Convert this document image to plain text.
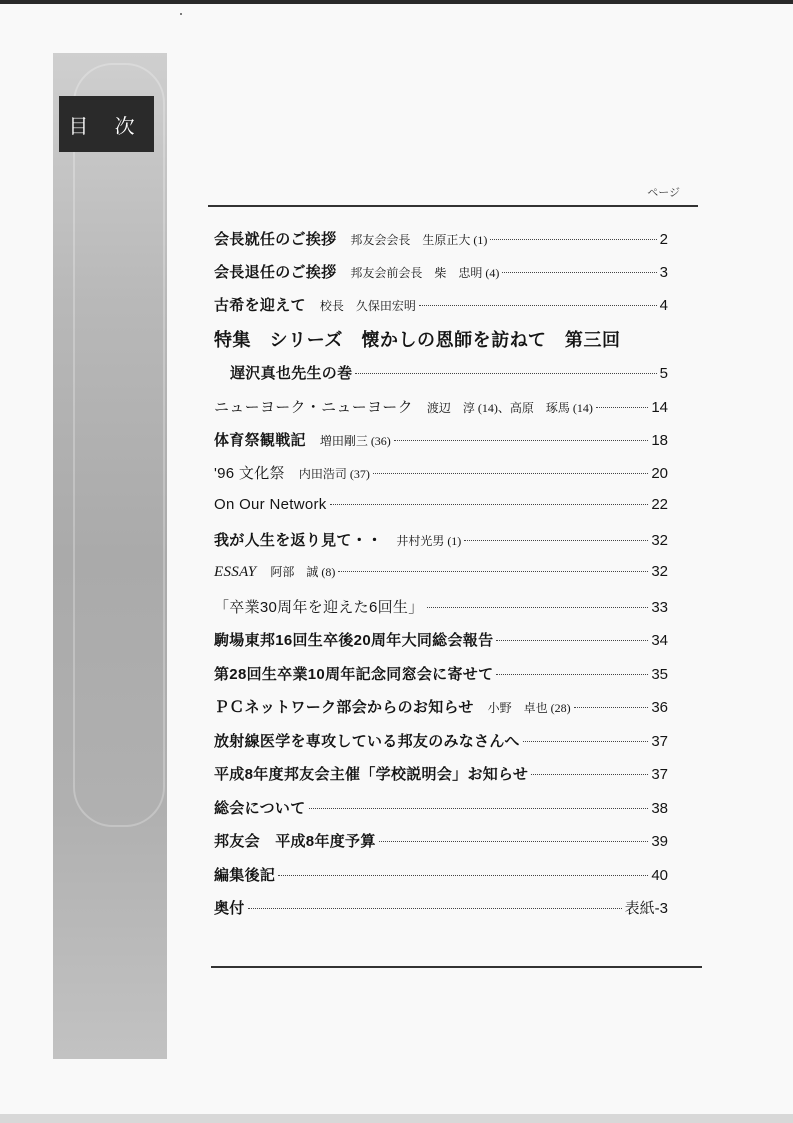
目 次
ページ
会長就任のご挨拶 邦友会会長　生原正大 (1)	2
会長退任のご挨拶 邦友会前会長　柴　忠明 (4)	3
古希を迎えて 校長　久保田宏明	4
特集　シリーズ　懐かしの恩師を訪ねて　第三回
遅沢真也先生の巻	5
ニューヨーク・ニューヨーク 渡辺　淳 (14)、高原　琢馬 (14)	14
体育祭観戦記 増田剛三 (36)	18
'96 文化祭 内田浩司 (37)	20
On Our Network	22
我が人生を返り見て・・ 井村光男 (1)	32
ESSAY 阿部　誠 (8)	32
「卒業30周年を迎えた6回生」	33
駒場東邦16回生卒後20周年大同総会報告	34
第28回生卒業10周年記念同窓会に寄せて	35
ＰＣネットワーク部会からのお知らせ 小野　卓也 (28)	36
放射線医学を専攻している邦友のみなさんへ	37
平成8年度邦友会主催「学校説明会」お知らせ	37
総会について	38
邦友会　平成8年度予算	39
編集後記	40
奥付	表紙-3
